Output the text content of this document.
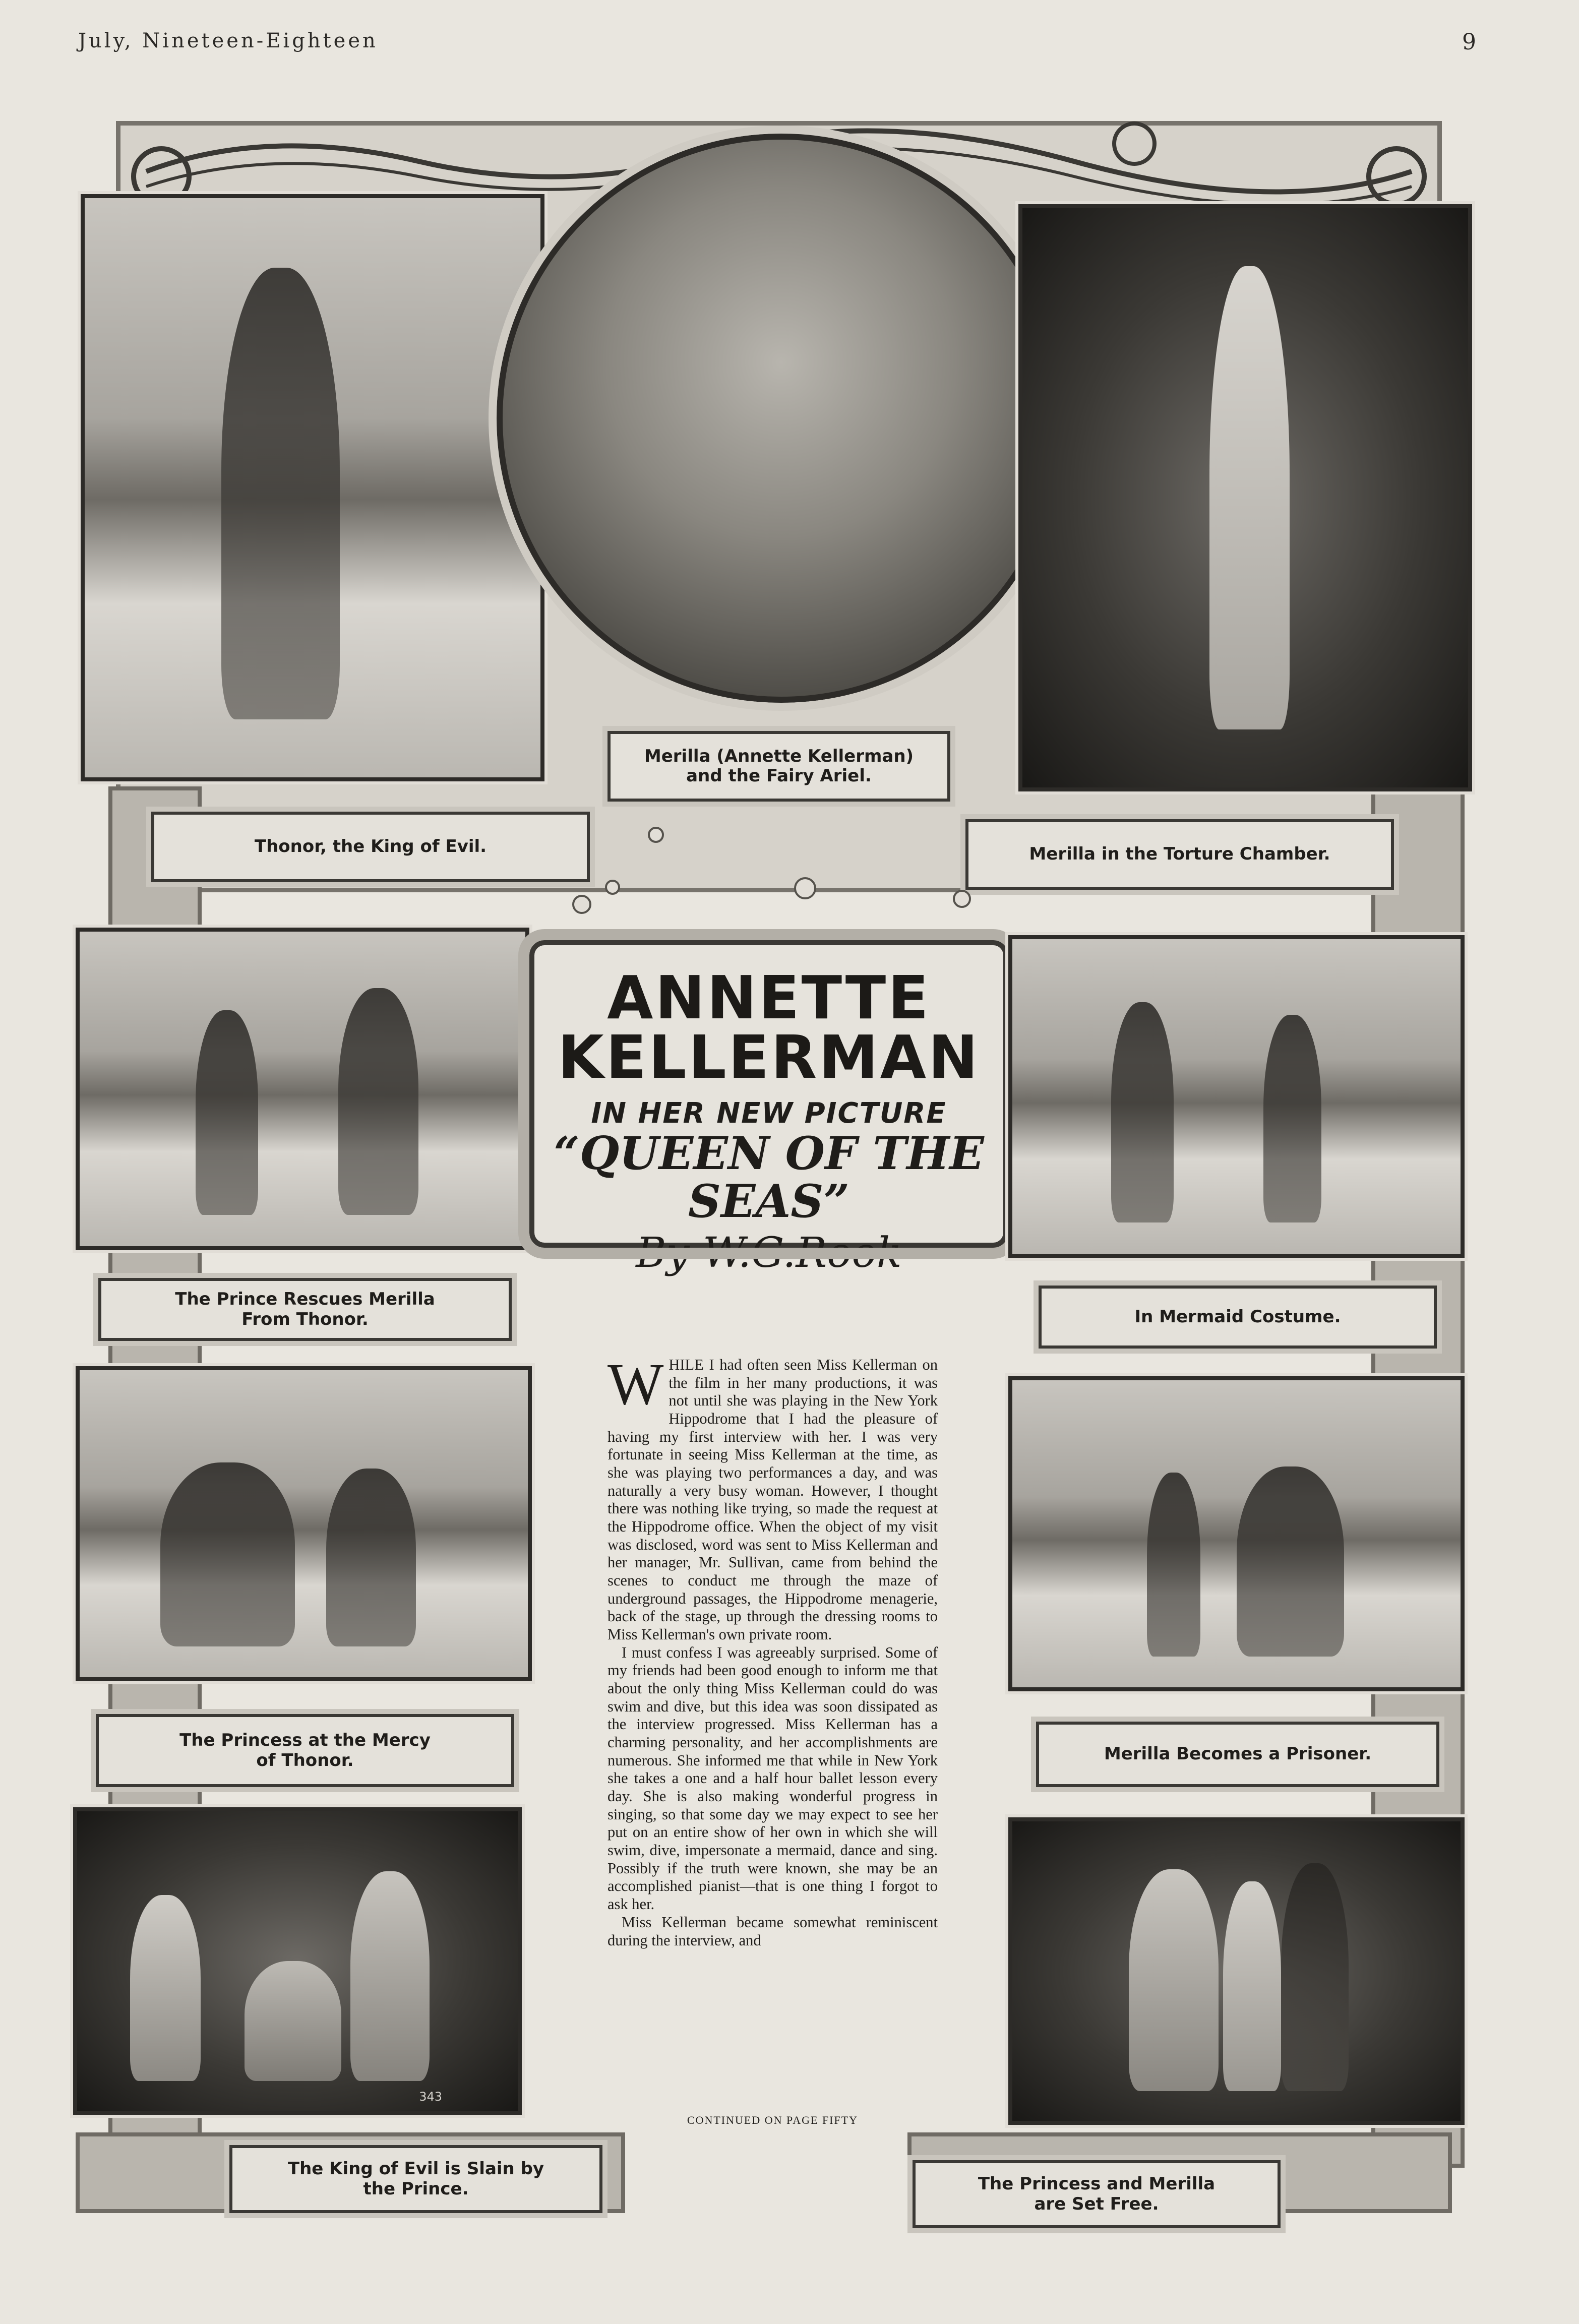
July, Nineteen-Eighteen	9
Thonor, the King of Evil.
Merilla (Annette Kellerman)
and the Fairy Ariel.
Merilla in the Torture Chamber.
The Prince Rescues Merilla
From Thonor.
ANNETTE
KELLERMAN
IN HER NEW PICTURE
“QUEEN OF THE SEAS”
By W.G.Rook
In Mermaid Costume.
The Princess at the Mercy
of Thonor.

WHILE I had often seen Miss Kellerman on the film in her many productions, it was not until she was playing in the New York Hippodrome that I had the pleasure of having my first interview with her. I was very fortunate in seeing Miss Kellerman at the time, as she was playing two performances a day, and was naturally a very busy woman. However, I thought there was nothing like trying, so made the request at the Hippodrome office. When the object of my visit was disclosed, word was sent to Miss Kellerman and her manager, Mr. Sullivan, came from behind the scenes to conduct me through the maze of underground passages, the Hippodrome menagerie, back of the stage, up through the dressing rooms to Miss Kellerman's own private room.

I must confess I was agreeably surprised. Some of my friends had been good enough to inform me that about the only thing Miss Kellerman could do was swim and dive, but this idea was soon dissipated as the interview progressed. Miss Kellerman has a charming personality, and her accomplishments are numerous. She informed me that while in New York she takes a one and a half hour ballet lesson every day. She is also making wonderful progress in singing, so that some day we may expect to see her put on an entire show of her own in which she will swim, dive, impersonate a mermaid, dance and sing. Possibly if the truth were known, she may be an accomplished pianist—that is one thing I forgot to ask her.

Miss Kellerman became somewhat reminiscent during the interview, and

CONTINUED ON PAGE FIFTY
Merilla Becomes a Prisoner.
343
The King of Evil is Slain by
the Prince.	The Princess and Merilla
are Set Free.
